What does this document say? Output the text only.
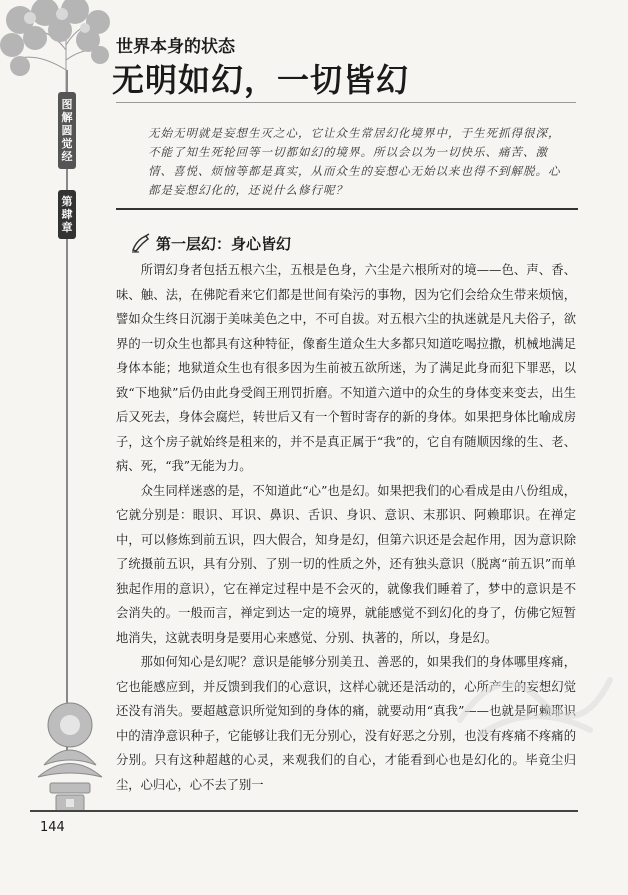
图解圆觉经
第肆章
世界本身的状态
无明如幻，一切皆幻
无始无明就是妄想生灭之心，它让众生常居幻化境界中，于生死抓得很深，不能了知生死轮回等一切都如幻的境界。所以会以为一切快乐、痛苦、激情、喜悦、烦恼等都是真实，从而众生的妄想心无始以来也得不到解脱。心都是妄想幻化的，还说什么修行呢？
第一层幻：身心皆幻

所谓幻身者包括五根六尘，五根是色身，六尘是六根所对的境——色、声、香、味、触、法，在佛陀看来它们都是世间有染污的事物，因为它们会给众生带来烦恼，譬如众生终日沉溺于美味美色之中，不可自拔。对五根六尘的执迷就是凡夫俗子，欲界的一切众生也都具有这种特征，像畜生道众生大多都只知道吃喝拉撒，机械地满足身体本能；地狱道众生也有很多因为生前被五欲所迷，为了满足此身而犯下罪恶，以致“下地狱”后仍由此身受阎王刑罚折磨。不知道六道中的众生的身体变来变去，出生后又死去，身体会腐烂，转世后又有一个暂时寄存的新的身体。如果把身体比喻成房子，这个房子就始终是租来的，并不是真正属于“我”的，它自有随顺因缘的生、老、病、死，“我”无能为力。

众生同样迷惑的是，不知道此“心”也是幻。如果把我们的心看成是由八份组成，它就分别是：眼识、耳识、鼻识、舌识、身识、意识、末那识、阿赖耶识。在禅定中，可以修炼到前五识，四大假合，知身是幻，但第六识还是会起作用，因为意识除了统摄前五识，具有分别、了别一切的性质之外，还有独头意识（脱离“前五识”而单独起作用的意识），它在禅定过程中是不会灭的，就像我们睡着了，梦中的意识是不会消失的。一般而言，禅定到达一定的境界，就能感觉不到幻化的身了，仿佛它短暂地消失，这就表明身是要用心来感觉、分别、执著的，所以，身是幻。

那如何知心是幻呢？意识是能够分别美丑、善恶的，如果我们的身体哪里疼痛，它也能感应到，并反馈到我们的心意识，这样心就还是活动的，心所产生的妄想幻觉还没有消失。要超越意识所觉知到的身体的痛，就要动用“真我”——也就是阿赖耶识中的清净意识种子，它能够让我们无分别心，没有好恶之分别，也没有疼痛不疼痛的分别。只有这种超越的心灵，来观我们的自心，才能看到心也是幻化的。毕竟尘归尘，心归心，心不去了别一

144
